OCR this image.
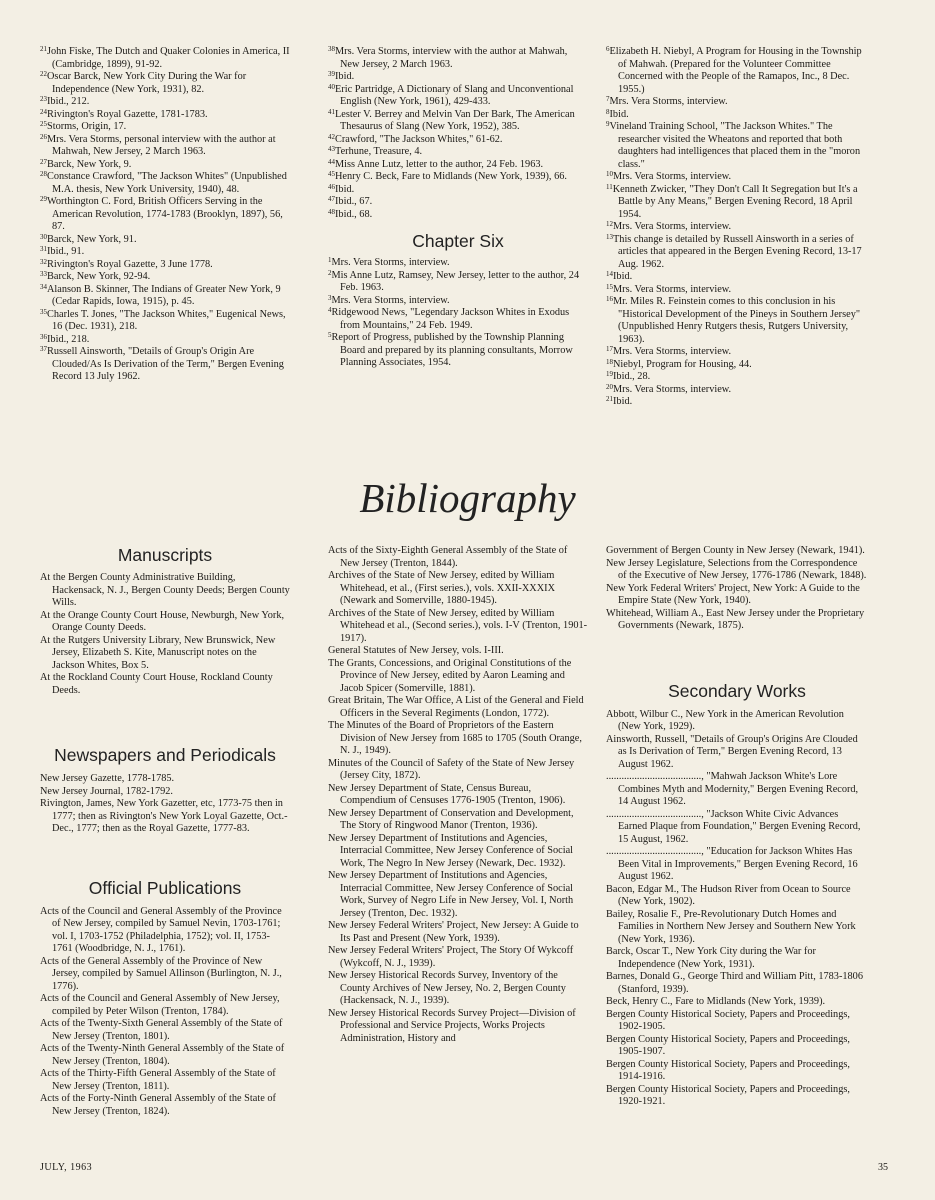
$^{21}$John Fiske, The Dutch and Quaker Colonies in America, II (Cambridge, 1899), 91-92.

$^{22}$Oscar Barck, New York City During the War for Independence (New York, 1931), 82.

$^{23}$Ibid., 212.

$^{24}$Rivington's Royal Gazette, 1781-1783.

$^{25}$Storms, Origin, 17.

$^{26}$Mrs. Vera Storms, personal interview with the author at Mahwah, New Jersey, 2 March 1963.

$^{27}$Barck, New York, 9.

$^{28}$Constance Crawford, "The Jackson Whites" (Unpublished M.A. thesis, New York University, 1940), 48.

$^{29}$Worthington C. Ford, British Officers Serving in the American Revolution, 1774-1783 (Brooklyn, 1897), 56, 87.

$^{30}$Barck, New York, 91.

$^{31}$Ibid., 91.

$^{32}$Rivington's Royal Gazette, 3 June 1778.

$^{33}$Barck, New York, 92-94.

$^{34}$Alanson B. Skinner, The Indians of Greater New York, 9 (Cedar Rapids, Iowa, 1915), p. 45.

$^{35}$Charles T. Jones, "The Jackson Whites," Eugenical News, 16 (Dec. 1931), 218.

$^{36}$Ibid., 218.

$^{37}$Russell Ainsworth, "Details of Group's Origin Are Clouded/As Is Derivation of the Term," Bergen Evening Record 13 July 1962.

$^{38}$Mrs. Vera Storms, interview with the author at Mahwah, New Jersey, 2 March 1963.

$^{39}$Ibid.

$^{40}$Eric Partridge, A Dictionary of Slang and Unconventional English (New York, 1961), 429-433.

$^{41}$Lester V. Berrey and Melvin Van Der Bark, The American Thesaurus of Slang (New York, 1952), 385.

$^{42}$Crawford, "The Jackson Whites," 61-62.

$^{43}$Terhune, Treasure, 4.

$^{44}$Miss Anne Lutz, letter to the author, 24 Feb. 1963.

$^{45}$Henry C. Beck, Fare to Midlands (New York, 1939), 66.

$^{46}$Ibid.

$^{47}$Ibid., 67.

$^{48}$Ibid., 68.

Chapter Six

$^1$Mrs. Vera Storms, interview.

$^2$Mis Anne Lutz, Ramsey, New Jersey, letter to the author, 24 Feb. 1963.

$^3$Mrs. Vera Storms, interview.

$^4$Ridgewood News, "Legendary Jackson Whites in Exodus from Mountains," 24 Feb. 1949.

$^5$Report of Progress, published by the Township Planning Board and prepared by its planning consultants, Morrow Planning Associates, 1954.

$^6$Elizabeth H. Niebyl, A Program for Housing in the Township of Mahwah. (Prepared for the Volunteer Committee Concerned with the People of the Ramapos, Inc., 8 Dec. 1955.)

$^7$Mrs. Vera Storms, interview.

$^8$Ibid.

$^9$Vineland Training School, "The Jackson Whites." The researcher visited the Wheatons and reported that both daughters had intelligences that placed them in the "moron class."

$^{10}$Mrs. Vera Storms, interview.

$^{11}$Kenneth Zwicker, "They Don't Call It Segregation but It's a Battle by Any Means," Bergen Evening Record, 18 April 1954.

$^{12}$Mrs. Vera Storms, interview.

$^{13}$This change is detailed by Russell Ainsworth in a series of articles that appeared in the Bergen Evening Record, 13-17 Aug. 1962.

$^{14}$Ibid.

$^{15}$Mrs. Vera Storms, interview.

$^{16}$Mr. Miles R. Feinstein comes to this conclusion in his "Historical Development of the Pineys in Southern Jersey" (Unpublished Henry Rutgers thesis, Rutgers University, 1963).

$^{17}$Mrs. Vera Storms, interview.

$^{18}$Niebyl, Program for Housing, 44.

$^{19}$Ibid., 28.

$^{20}$Mrs. Vera Storms, interview.

$^{21}$Ibid.

Bibliography

Manuscripts

At the Bergen County Administrative Building, Hackensack, N. J., Bergen County Deeds; Bergen County Wills.

At the Orange County Court House, Newburgh, New York, Orange County Deeds.

At the Rutgers University Library, New Brunswick, New Jersey, Elizabeth S. Kite, Manuscript notes on the Jackson Whites, Box 5.

At the Rockland County Court House, Rockland County Deeds.

Newspapers and Periodicals

New Jersey Gazette, 1778-1785.

New Jersey Journal, 1782-1792.

Rivington, James, New York Gazetter, etc, 1773-75 then in 1777; then as Rivington's New York Loyal Gazette, Oct.-Dec., 1777; then as the Royal Gazette, 1777-83.

Official Publications

Acts of the Council and General Assembly of the Province of New Jersey, compiled by Samuel Nevin, 1703-1761; vol. I, 1703-1752 (Philadelphia, 1752); vol. II, 1753-1761 (Woodbridge, N. J., 1761).

Acts of the General Assembly of the Province of New Jersey, compiled by Samuel Allinson (Burlington, N. J., 1776).

Acts of the Council and General Assembly of New Jersey, compiled by Peter Wilson (Trenton, 1784).

Acts of the Twenty-Sixth General Assembly of the State of New Jersey (Trenton, 1801).

Acts of the Twenty-Ninth General Assembly of the State of New Jersey (Trenton, 1804).

Acts of the Thirty-Fifth General Assembly of the State of New Jersey (Trenton, 1811).

Acts of the Forty-Ninth General Assembly of the State of New Jersey (Trenton, 1824).

Acts of the Sixty-Eighth General Assembly of the State of New Jersey (Trenton, 1844).

Archives of the State of New Jersey, edited by William Whitehead, et al., (First series.), vols. XXII-XXXIX (Newark and Somerville, 1880-1945).

Archives of the State of New Jersey, edited by William Whitehead et al., (Second series.), vols. I-V (Trenton, 1901-1917).

General Statutes of New Jersey, vols. I-III.

The Grants, Concessions, and Original Constitutions of the Province of New Jersey, edited by Aaron Leaming and Jacob Spicer (Somerville, 1881).

Great Britain, The War Office, A List of the General and Field Officers in the Several Regiments (London, 1772).

The Minutes of the Board of Proprietors of the Eastern Division of New Jersey from 1685 to 1705 (South Orange, N. J., 1949).

Minutes of the Council of Safety of the State of New Jersey (Jersey City, 1872).

New Jersey Department of State, Census Bureau, Compendium of Censuses 1776-1905 (Trenton, 1906).

New Jersey Department of Conservation and Development, The Story of Ringwood Manor (Trenton, 1936).

New Jersey Department of Institutions and Agencies, Interracial Committee, New Jersey Conference of Social Work, The Negro In New Jersey (Newark, Dec. 1932).

New Jersey Department of Institutions and Agencies, Interracial Committee, New Jersey Conference of Social Work, Survey of Negro Life in New Jersey, Vol. I, North Jersey (Trenton, Dec. 1932).

New Jersey Federal Writers' Project, New Jersey: A Guide to Its Past and Present (New York, 1939).

New Jersey Federal Writers' Project, The Story Of Wykcoff (Wykcoff, N. J., 1939).

New Jersey Historical Records Survey, Inventory of the County Archives of New Jersey, No. 2, Bergen County (Hackensack, N. J., 1939).

New Jersey Historical Records Survey Project—Division of Professional and Service Projects, Works Projects Administration, History and

Government of Bergen County in New Jersey (Newark, 1941).

New Jersey Legislature, Selections from the Correspondence of the Executive of New Jersey, 1776-1786 (Newark, 1848).

New York Federal Writers' Project, New York: A Guide to the Empire State (New York, 1940).

Whitehead, William A., East New Jersey under the Proprietary Governments (Newark, 1875).

Secondary Works

Abbott, Wilbur C., New York in the American Revolution (New York, 1929).

Ainsworth, Russell, "Details of Group's Origins Are Clouded as Is Derivation of Term," Bergen Evening Record, 13 August 1962.

....................................., "Mahwah Jackson White's Lore Combines Myth and Modernity," Bergen Evening Record, 14 August 1962.

....................................., "Jackson White Civic Advances Earned Plaque from Foundation," Bergen Evening Record, 15 August, 1962.

....................................., "Education for Jackson Whites Has Been Vital in Improvements," Bergen Evening Record, 16 August 1962.

Bacon, Edgar M., The Hudson River from Ocean to Source (New York, 1902).

Bailey, Rosalie F., Pre-Revolutionary Dutch Homes and Families in Northern New Jersey and Southern New York (New York, 1936).

Barck, Oscar T., New York City during the War for Independence (New York, 1931).

Barnes, Donald G., George Third and William Pitt, 1783-1806 (Stanford, 1939).

Beck, Henry C., Fare to Midlands (New York, 1939).

Bergen County Historical Society, Papers and Proceedings, 1902-1905.

Bergen County Historical Society, Papers and Proceedings, 1905-1907.

Bergen County Historical Society, Papers and Proceedings, 1914-1916.

Bergen County Historical Society, Papers and Proceedings, 1920-1921.

JULY, 1963	35
